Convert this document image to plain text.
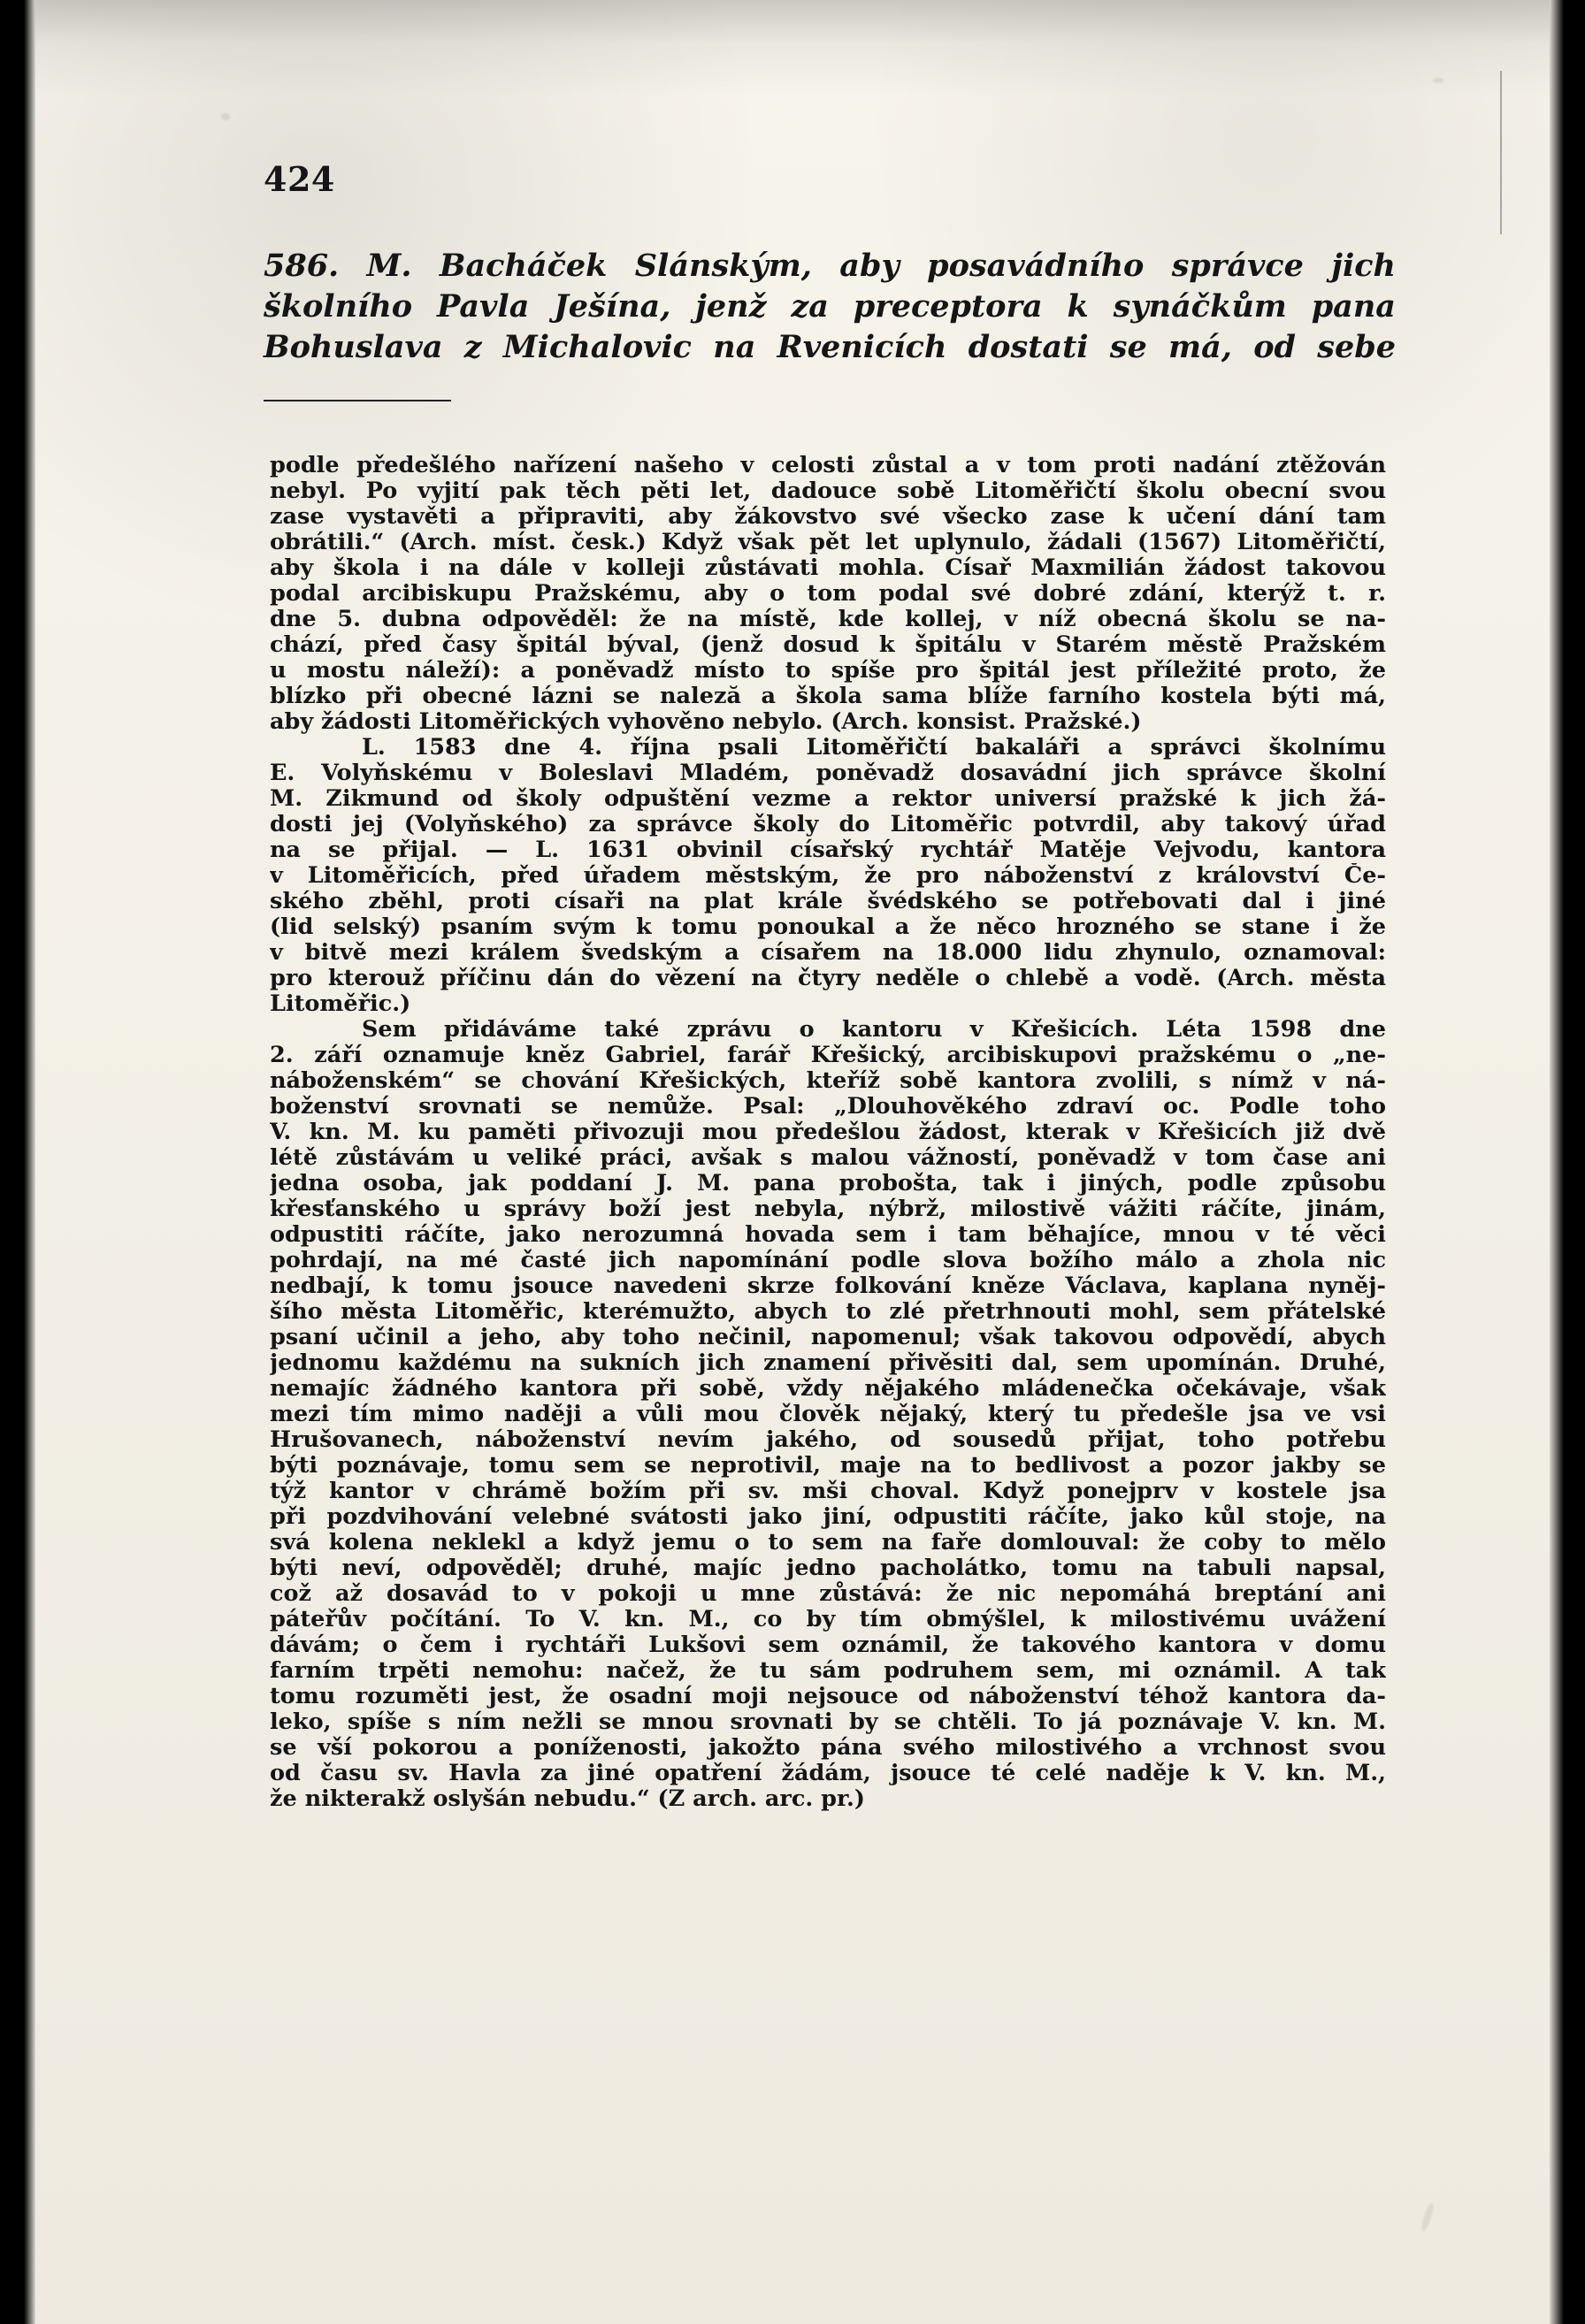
424
586. M. Bacháček Slánským, aby posavádního správce jich
školního Pavla Ješína, jenž za preceptora k synáčkům pana
Bohuslava z Michalovic na Rvenicích dostati se má, od sebe
podle předešlého nařízení našeho v celosti zůstal a v tom proti nadání ztěžován
nebyl. Po vyjití pak těch pěti let, dadouce sobě Litoměřičtí školu obecní svou
zase vystavěti a připraviti, aby žákovstvo své všecko zase k učení dání tam
obrátili.“ (Arch. míst. česk.) Když však pět let uplynulo, žádali (1567) Litoměřičtí,
aby škola i na dále v kolleji zůstávati mohla. Císař Maxmilián žádost takovou
podal arcibiskupu Pražskému, aby o tom podal své dobré zdání, kterýž t. r.
dne 5. dubna odpověděl: že na místě, kde kollej, v níž obecná školu se na-
chází, před časy špitál býval, (jenž dosud k špitálu v Starém městě Pražském
u mostu náleží): a poněvadž místo to spíše pro špitál jest příležité proto, že
blízko při obecné lázni se naleză a škola sama blíže farního kostela býti má,
aby žádosti Litoměřických vyhověno nebylo. (Arch. konsist. Pražské.)
L. 1583 dne 4. října psali Litoměřičtí bakaláři a správci školnímu
E. Volyňskému v Boleslavi Mladém, poněvadž dosavádní jich správce školní
M. Zikmund od školy odpuštění vezme a rektor universí pražské k jich žá-
dosti jej (Volyňského) za správce školy do Litoměřic potvrdil, aby takový úřad
na se přijal. — L. 1631 obvinil císařský rychtář Matěje Vejvodu, kantora
v Litoměřicích, před úřadem městským, že pro náboženství z království Če-
ského zběhl, proti císaři na plat krále švédského se potřebovati dal i jiné
(lid selský) psaním svým k tomu ponoukal a že něco hrozného se stane i že
v bitvě mezi králem švedským a císařem na 18.000 lidu zhynulo, oznamoval:
pro kterouž příčinu dán do vězení na čtyry neděle o chlebě a vodě. (Arch. města
Litoměřic.)
Sem přidáváme také zprávu o kantoru v Křešicích. Léta 1598 dne
2. září oznamuje kněz Gabriel, farář Křešický, arcibiskupovi pražskému o „ne-
náboženském“ se chování Křešických, kteříž sobě kantora zvolili, s nímž v ná-
boženství srovnati se nemůže. Psal: „Dlouhověkého zdraví oc. Podle toho
V. kn. M. ku paměti přivozuji mou předešlou žádost, kterak v Křešicích již dvě
létě zůstávám u veliké práci, avšak s malou vážností, poněvadž v tom čase ani
jedna osoba, jak poddaní J. M. pana proboštа, tak i jiných, podle způsobu
křesťanského u správy boží jest nebyla, nýbrž, milostivě vážiti ráčíte, jinám,
odpustiti ráčíte, jako nerozumná hovada sem i tam běhajíce, mnou v té věci
pohrdají, na mé časté jich napomínání podle slova božího málo a zhola nic
nedbají, k tomu jsouce navedeni skrze folkování kněze Václava, kaplana nyněj-
šího města Litoměřic, kterémužto, abych to zlé přetrhnouti mohl, sem přátelské
psaní učinil a jeho, aby toho nečinil, napomenul; však takovou odpovědí, abych
jednomu každému na sukních jich znamení přivěsiti dal, sem upomínán. Druhé,
nemajíc žádného kantora při sobě, vždy nějakého mládenečka očekávaje, však
mezi tím mimo naději a vůli mou člověk nějaký, který tu předešle jsa ve vsi
Hrušovanech, náboženství nevím jakého, od sousedů přijat, toho potřebu
býti poznávaje, tomu sem se neprotivil, maje na to bedlivost a pozor jakby se
týž kantor v chrámě božím při sv. mši choval. Když ponejprv v kostele jsa
při pozdvihování velebné svátosti jako jiní, odpustiti ráčíte, jako kůl stoje, na
svá kolena neklekl a když jemu o to sem na faře domlouval: že coby to mělo
býti neví, odpověděl; druhé, majíc jedno pacholátko, tomu na tabuli napsal,
což až dosavád to v pokoji u mne zůstává: že nic nepomáhá breptání ani
páteřův počítání. To V. kn. M., co by tím obmýšlel, k milostivému uvážení
dávám; o čem i rychtáři Lukšovi sem oznámil, že takového kantora v domu
farním trpěti nemohu: načež, že tu sám podruhem sem, mi oznámil. A tak
tomu rozuměti jest, že osadní moji nejsouce od náboženství téhož kantora da-
leko, spíše s ním nežli se mnou srovnati by se chtěli. To já poznávaje V. kn. M.
se vší pokorou a poníženosti, jakožto pána svého milostivého a vrchnost svou
od času sv. Havla za jiné opatření žádám, jsouce té celé naděje k V. kn. M.,
že nikterakž oslyšán nebudu.“ (Z arch. arc. pr.)
